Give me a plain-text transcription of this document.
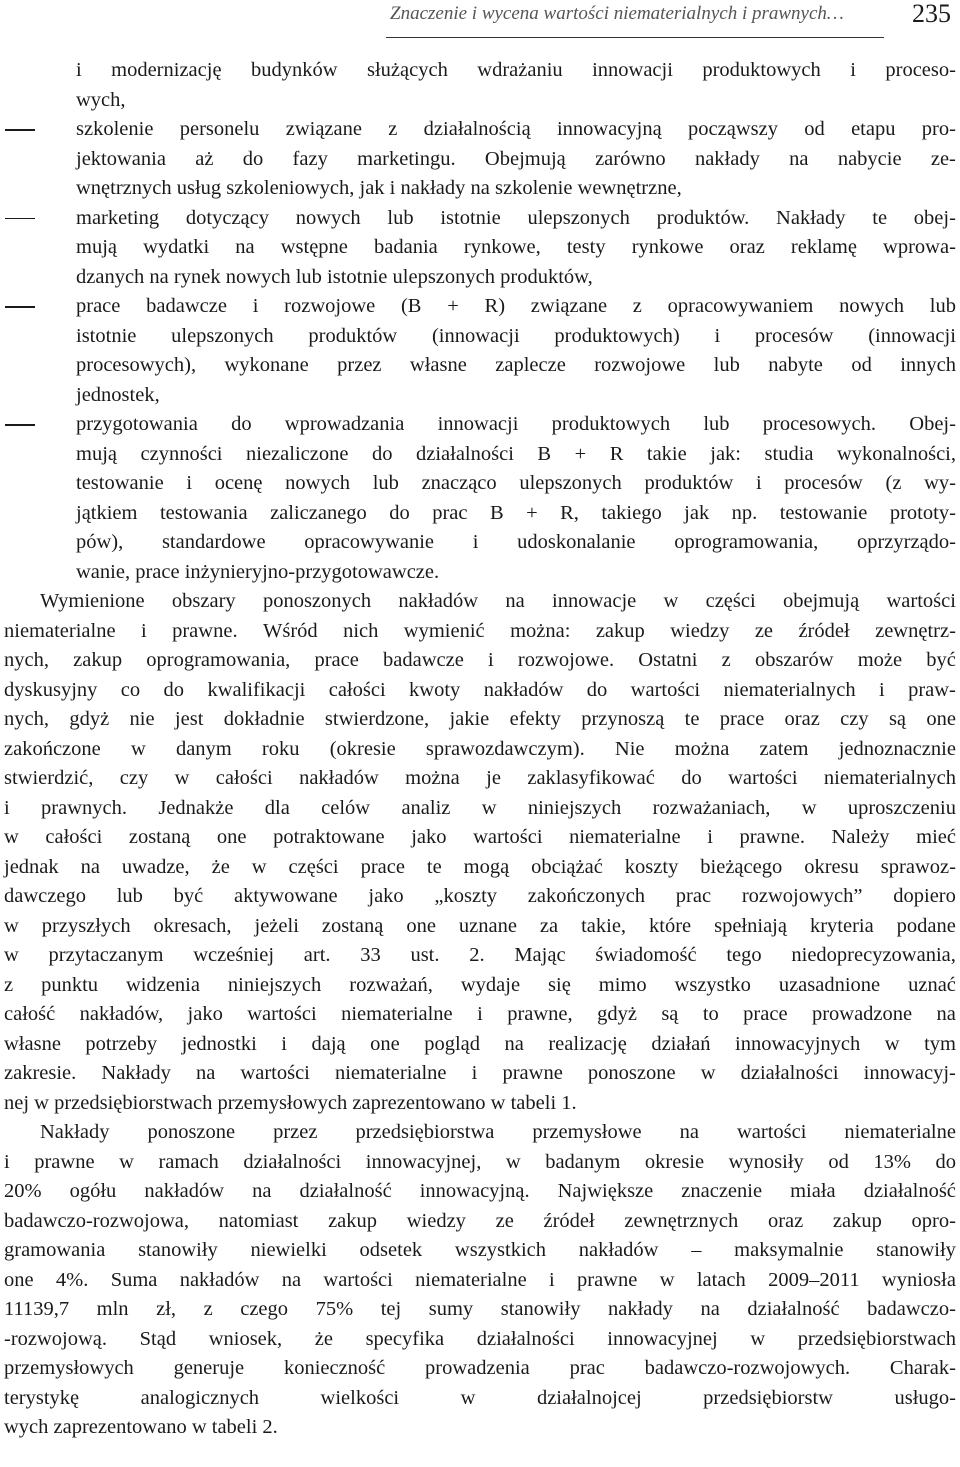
Znaczenie i wycena wartości niematerialnych i prawnych…	235
i modernizację budynków służących wdrażaniu innowacji produktowych i proceso-
wych,
szkolenie personelu związane z działalnością innowacyjną począwszy od etapu pro-
jektowania aż do fazy marketingu. Obejmują zarówno nakłady na nabycie ze-
wnętrznych usług szkoleniowych, jak i nakłady na szkolenie wewnętrzne,
marketing dotyczący nowych lub istotnie ulepszonych produktów. Nakłady te obej-
mują wydatki na wstępne badania rynkowe, testy rynkowe oraz reklamę wprowa-
dzanych na rynek nowych lub istotnie ulepszonych produktów,
prace badawcze i rozwojowe (B + R) związane z opracowywaniem nowych lub
istotnie ulepszonych produktów (innowacji produktowych) i procesów (innowacji
procesowych), wykonane przez własne zaplecze rozwojowe lub nabyte od innych
jednostek,
przygotowania do wprowadzania innowacji produktowych lub procesowych. Obej-
mują czynności niezaliczone do działalności B + R takie jak: studia wykonalności,
testowanie i ocenę nowych lub znacząco ulepszonych produktów i procesów (z wy-
jątkiem testowania zaliczanego do prac B + R, takiego jak np. testowanie prototy-
pów), standardowe opracowywanie i udoskonalanie oprogramowania, oprzyrządo-
wanie, prace inżynieryjno-przygotowawcze.
Wymienione obszary ponoszonych nakładów na innowacje w części obejmują wartości
niematerialne i prawne. Wśród nich wymienić można: zakup wiedzy ze źródeł zewnętrz-
nych, zakup oprogramowania, prace badawcze i rozwojowe. Ostatni z obszarów może być
dyskusyjny co do kwalifikacji całości kwoty nakładów do wartości niematerialnych i praw-
nych, gdyż nie jest dokładnie stwierdzone, jakie efekty przynoszą te prace oraz czy są one
zakończone w danym roku (okresie sprawozdawczym). Nie można zatem jednoznacznie
stwierdzić, czy w całości nakładów można je zaklasyfikować do wartości niematerialnych
i prawnych. Jednakże dla celów analiz w niniejszych rozważaniach, w uproszczeniu
w całości zostaną one potraktowane jako wartości niematerialne i prawne. Należy mieć
jednak na uwadze, że w części prace te mogą obciążać koszty bieżącego okresu sprawoz-
dawczego lub być aktywowane jako „koszty zakończonych prac rozwojowych” dopiero
w przyszłych okresach, jeżeli zostaną one uznane za takie, które spełniają kryteria podane
w przytaczanym wcześniej art. 33 ust. 2. Mając świadomość tego niedoprecyzowania,
z punktu widzenia niniejszych rozważań, wydaje się mimo wszystko uzasadnione uznać
całość nakładów, jako wartości niematerialne i prawne, gdyż są to prace prowadzone na
własne potrzeby jednostki i dają one pogląd na realizację działań innowacyjnych w tym
zakresie. Nakłady na wartości niematerialne i prawne ponoszone w działalności innowacyj-
nej w przedsiębiorstwach przemysłowych zaprezentowano w tabeli 1.
Nakłady ponoszone przez przedsiębiorstwa przemysłowe na wartości niematerialne
i prawne w ramach działalności innowacyjnej, w badanym okresie wynosiły od 13% do
20% ogółu nakładów na działalność innowacyjną. Największe znaczenie miała działalność
badawczo-rozwojowa, natomiast zakup wiedzy ze źródeł zewnętrznych oraz zakup opro-
gramowania stanowiły niewielki odsetek wszystkich nakładów – maksymalnie stanowiły
one 4%. Suma nakładów na wartości niematerialne i prawne w latach 2009–2011 wyniosła
11139,7 mln zł, z czego 75% tej sumy stanowiły nakłady na działalność badawczo-
-rozwojową. Stąd wniosek, że specyfika działalności innowacyjnej w przedsiębiorstwach
przemysłowych generuje konieczność prowadzenia prac badawczo-rozwojowych. Charak-
terystykę	analogicznych	wielkości	w	działalnojcej	przedsiębiorstw	usługo-
wych zaprezentowano w tabeli 2.
